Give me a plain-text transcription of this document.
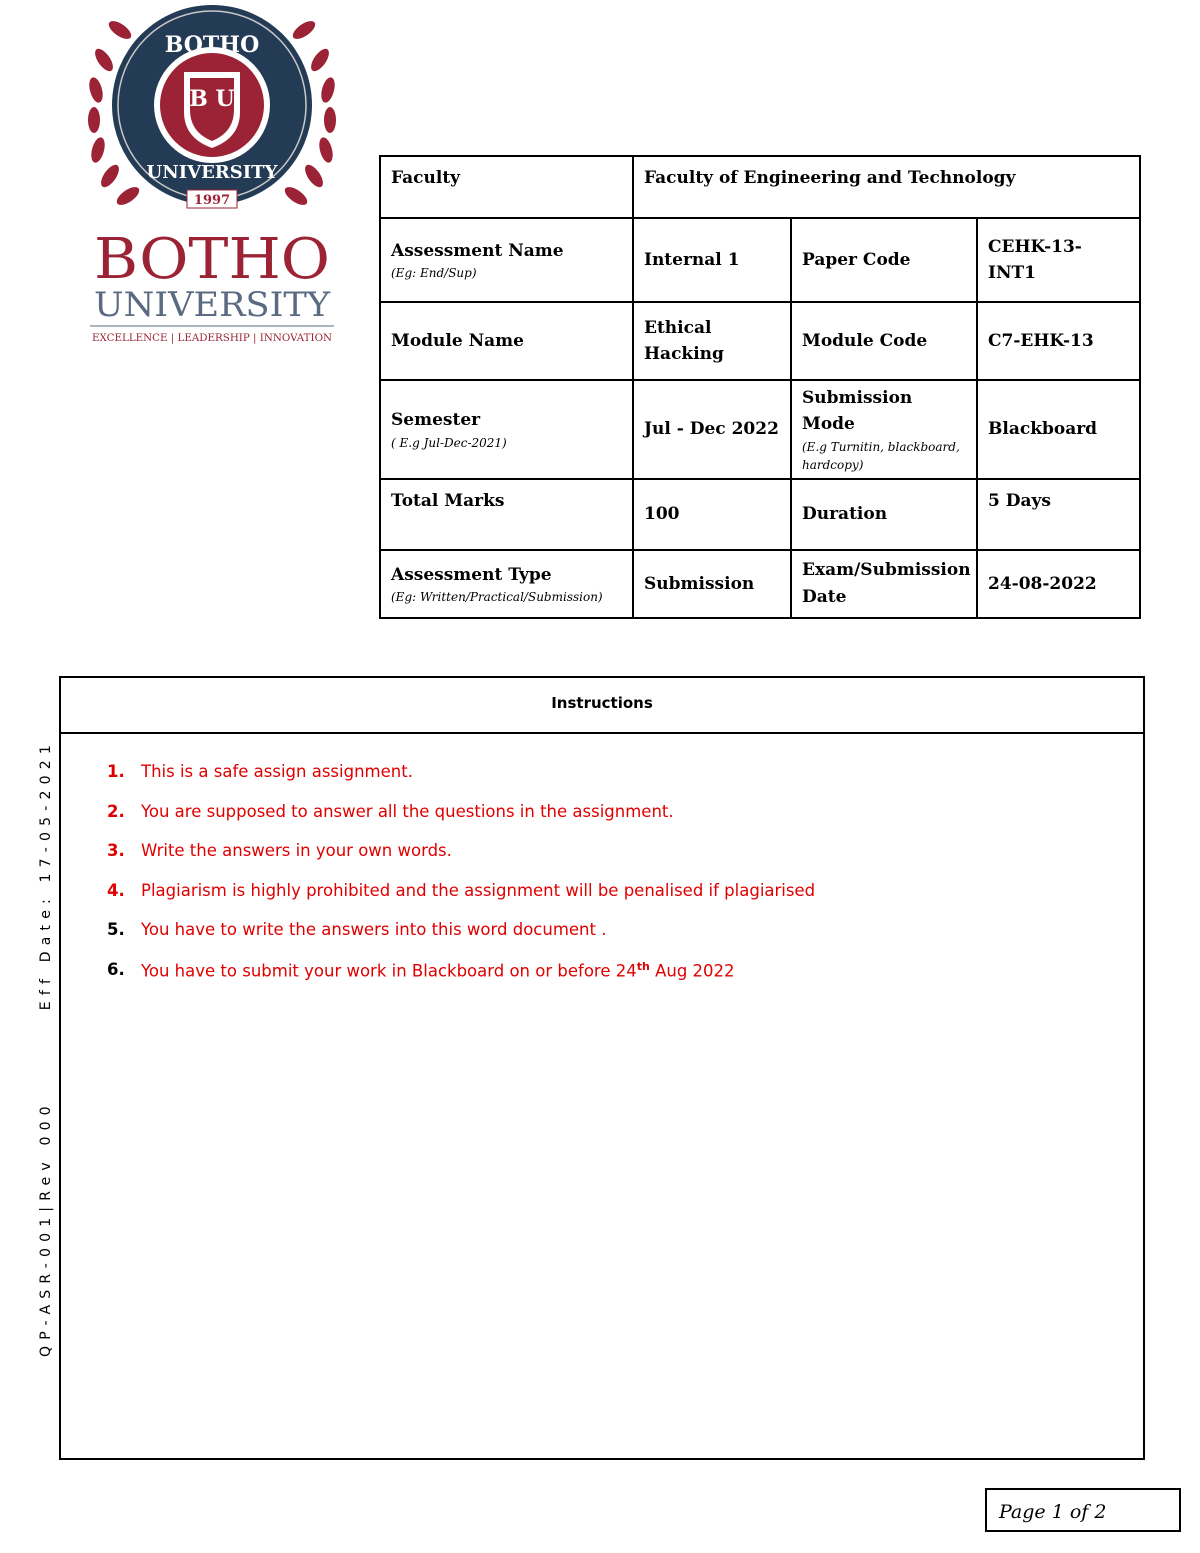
B U
BOTHO
UNIVERSITY
1997
BOTHO
UNIVERSITY
EXCELLENCE | LEADERSHIP | INNOVATION
Faculty	Faculty of Engineering and Technology		
Assessment Name
(Eg: End/Sup)	Internal 1	Paper Code	CEHK-13-INT1
Module Name	Ethical Hacking	Module Code	C7-EHK-13
Semester
( E.g Jul-Dec-2021)	Jul - Dec 2022	Submission Mode
(E.g Turnitin, blackboard, hardcopy)	Blackboard
Total Marks	100	Duration	5 Days
Assessment Type
(Eg: Written/Practical/Submission)	Submission	Exam/Submission Date	24-08-2022
QP-ASR-001|Rev 000Eff Date: 17-05-2021
Instructions
1. This is a safe assign assignment.
2. You are supposed to answer all the questions in the assignment.
3. Write the answers in your own words.
4. Plagiarism is highly prohibited and the assignment will be penalised if plagiarised
5. You have to write the answers into this word document .
6. You have to submit your work in Blackboard on or before 24th Aug 2022
Page 1 of 2
